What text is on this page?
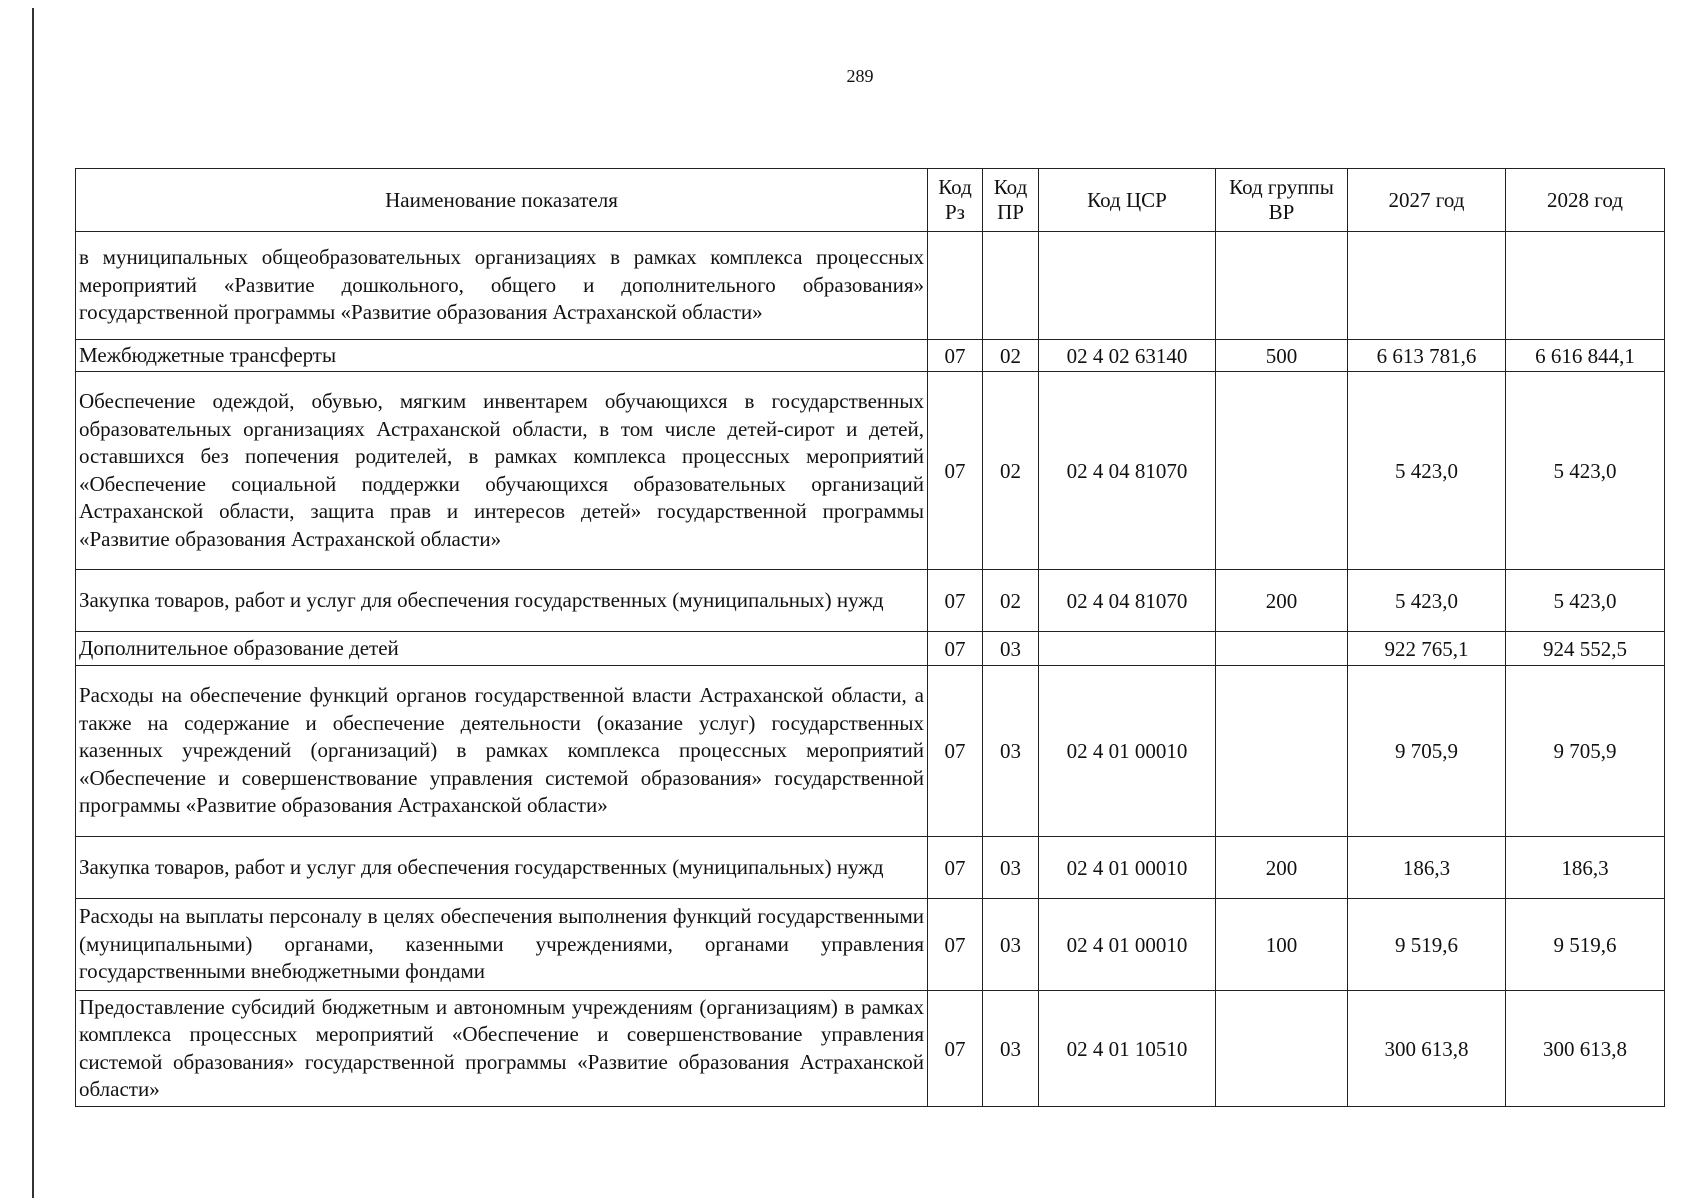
289
Наименование показателя	Код Рз	Код ПР	Код ЦСР	Код группы ВР	2027 год	2028 год
в муниципальных общеобразовательных организациях в рамках комплекса процессных мероприятий «Развитие дошкольного, общего и дополнительного образования» государственной программы «Развитие образования Астраханской области»						
Межбюджетные трансферты	07	02	02 4 02 63140	500	6 613 781,6	6 616 844,1
Обеспечение одеждой, обувью, мягким инвентарем обучающихся в государственных образовательных организациях Астраханской области, в том числе детей-сирот и детей, оставшихся без попечения родителей, в рамках комплекса процессных мероприятий «Обеспечение социальной поддержки обучающихся образовательных организаций Астраханской области, защита прав и интересов детей» государственной программы «Развитие образования Астраханской области»	07	02	02 4 04 81070		5 423,0	5 423,0
Закупка товаров, работ и услуг для обеспечения государственных (муниципальных) нужд	07	02	02 4 04 81070	200	5 423,0	5 423,0
Дополнительное образование детей	07	03			922 765,1	924 552,5
Расходы на обеспечение функций органов государственной власти Астраханской области, а также на содержание и обеспечение деятельности (оказание услуг) государственных казенных учреждений (организаций) в рамках комплекса процессных мероприятий «Обеспечение и совершенствование управления системой образования» государственной программы «Развитие образования Астраханской области»	07	03	02 4 01 00010		9 705,9	9 705,9
Закупка товаров, работ и услуг для обеспечения государственных (муниципальных) нужд	07	03	02 4 01 00010	200	186,3	186,3
Расходы на выплаты персоналу в целях обеспечения выполнения функций государственными (муниципальными) органами, казенными учреждениями, органами управления государственными внебюджетными фондами	07	03	02 4 01 00010	100	9 519,6	9 519,6
Предоставление субсидий бюджетным и автономным учреждениям (организациям) в рамках комплекса процессных мероприятий «Обеспечение и совершенствование управления системой образования» государственной программы «Развитие образования Астраханской области»	07	03	02 4 01 10510		300 613,8	300 613,8
